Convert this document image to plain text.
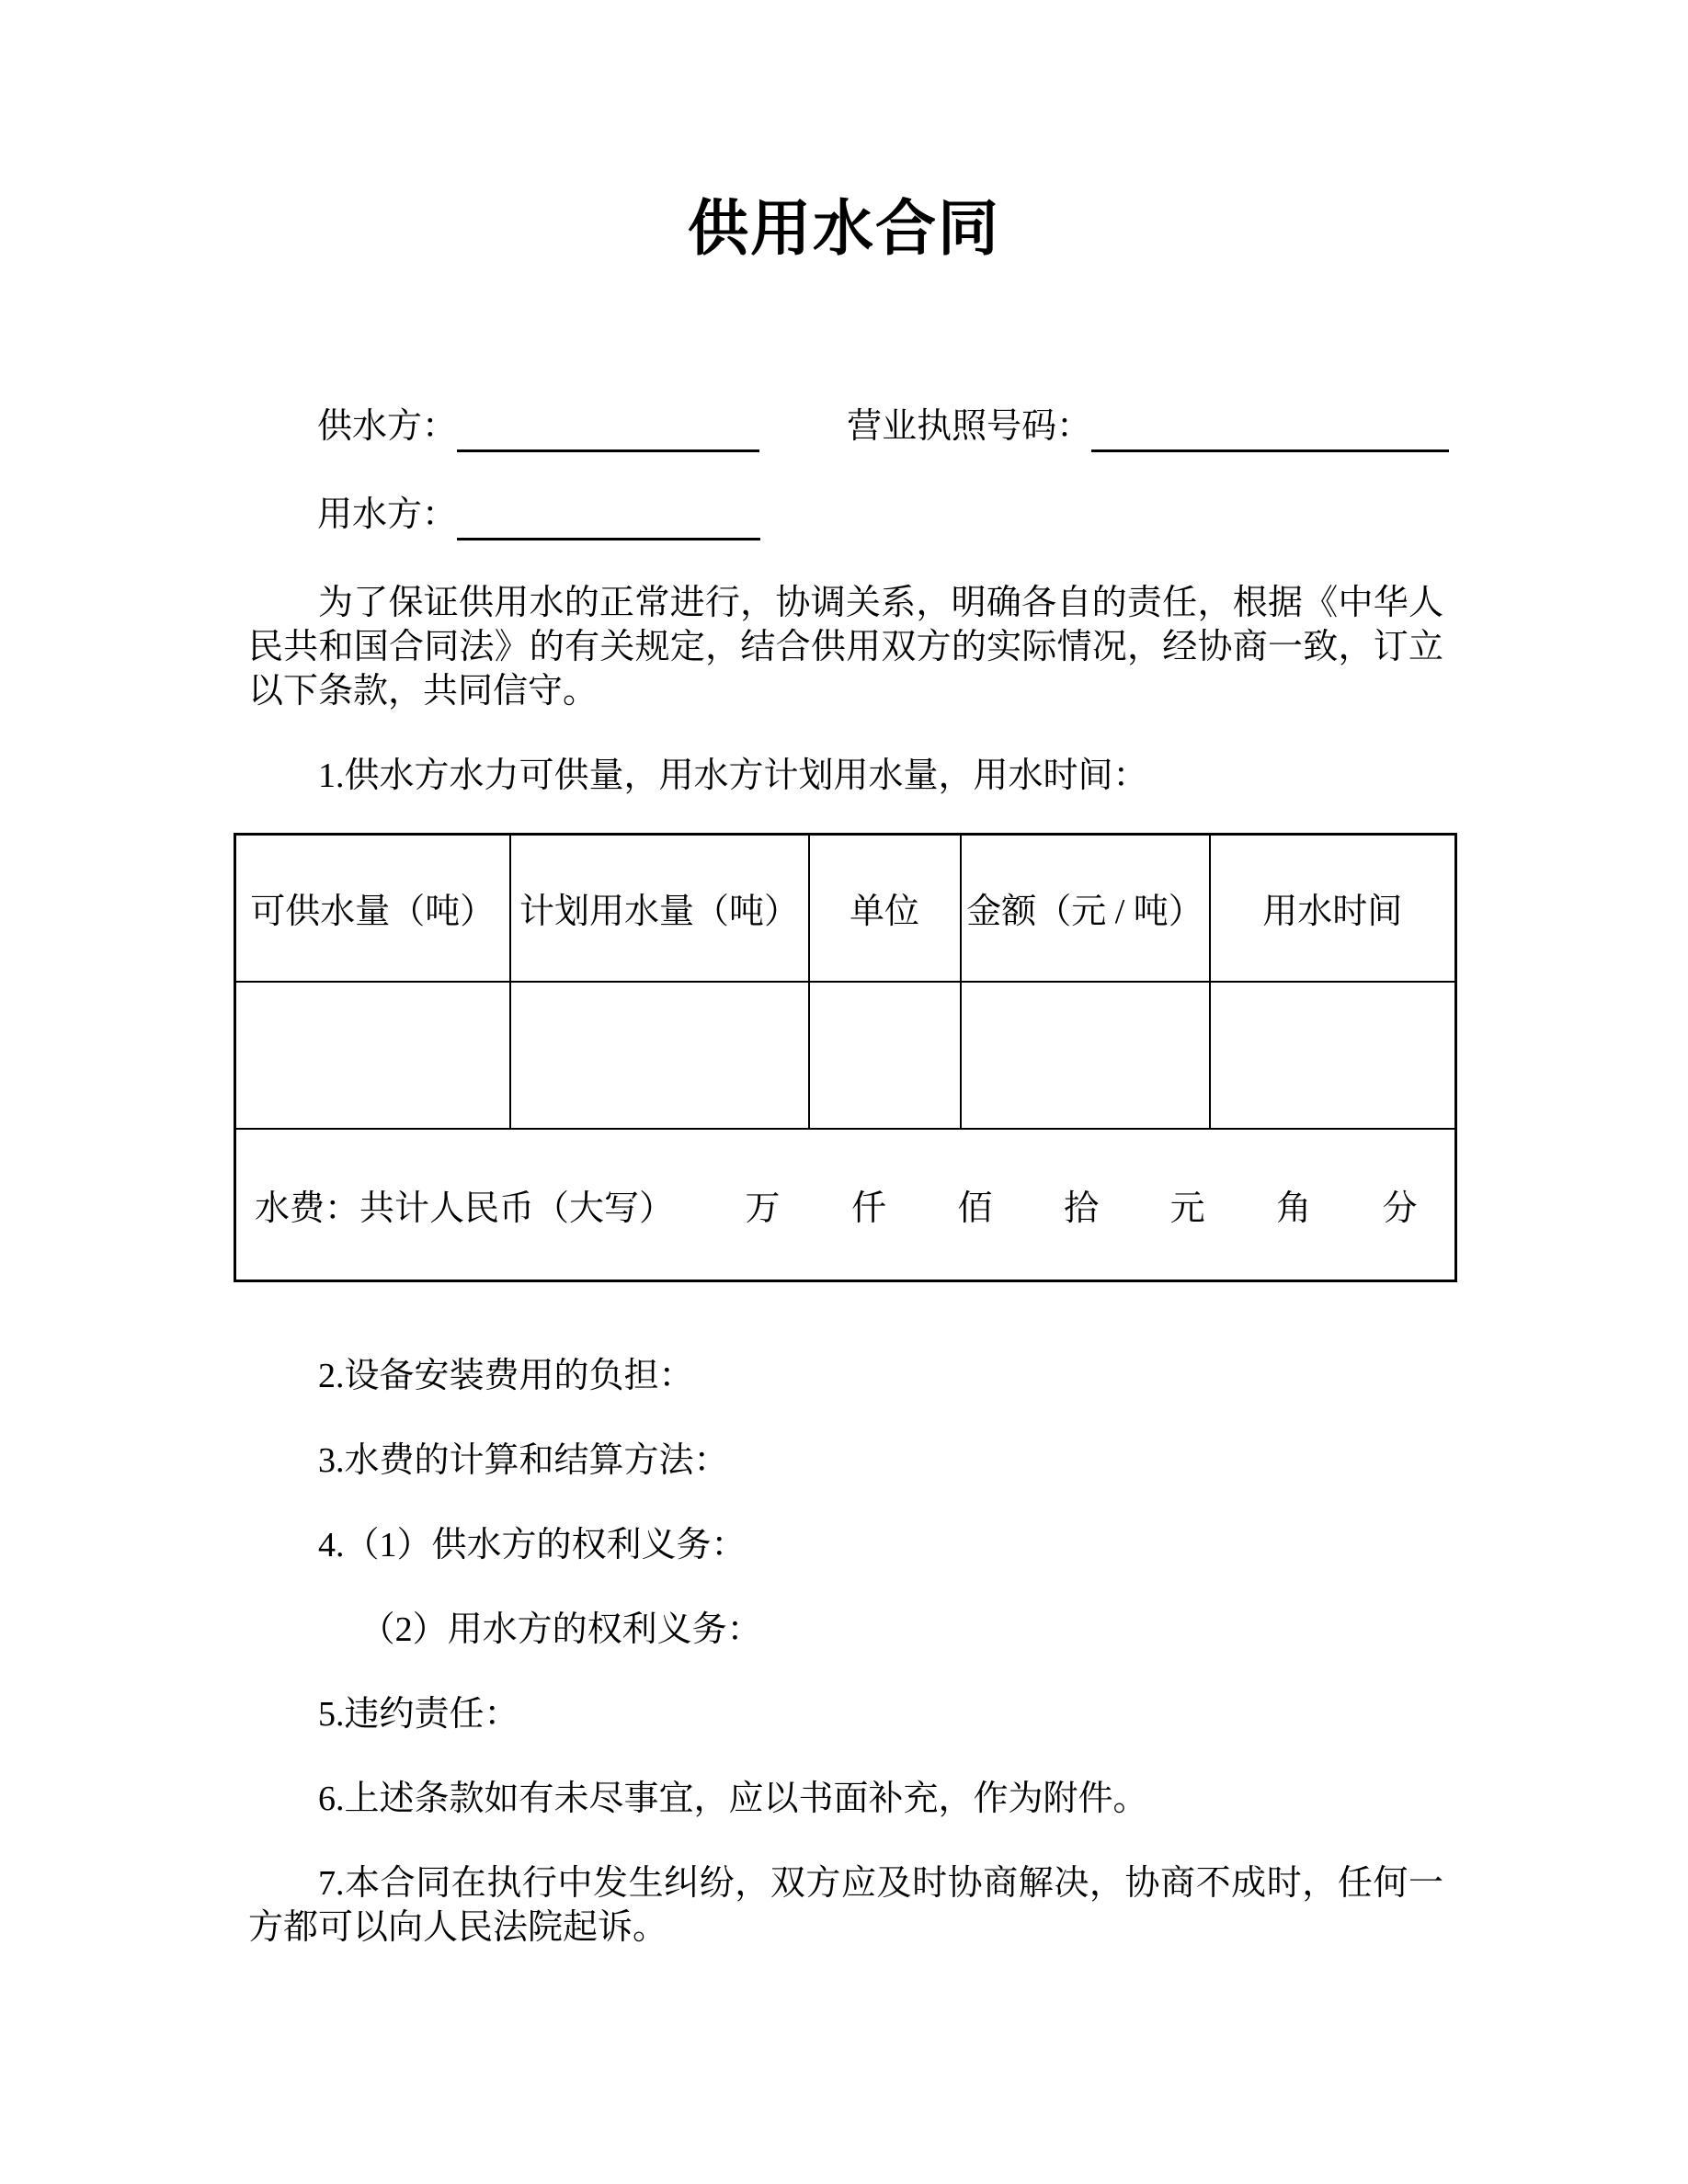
供用水合同
供水方：	营业执照号码：
用水方：
为了保证供用水的正常进行，协调关系，明确各自的责任，根据《中华人民共和国合同法》的有关规定，结合供用双方的实际情况，经协商一致，订立以下条款，共同信守。
1.供水方水力可供量，用水方计划用水量，用水时间：
可供水量（吨）	计划用水量（吨）	单位	金额（元 / 吨）	用水时间

水费：共计人民币（大写） 万 仟 佰 拾 元 角 分				
2.设备安装费用的负担：
3.水费的计算和结算方法：
4.（1）供水方的权利义务：
（2）用水方的权利义务：
5.违约责任：
6.上述条款如有未尽事宜，应以书面补充，作为附件。
7.本合同在执行中发生纠纷，双方应及时协商解决，协商不成时，任何一方都可以向人民法院起诉。
